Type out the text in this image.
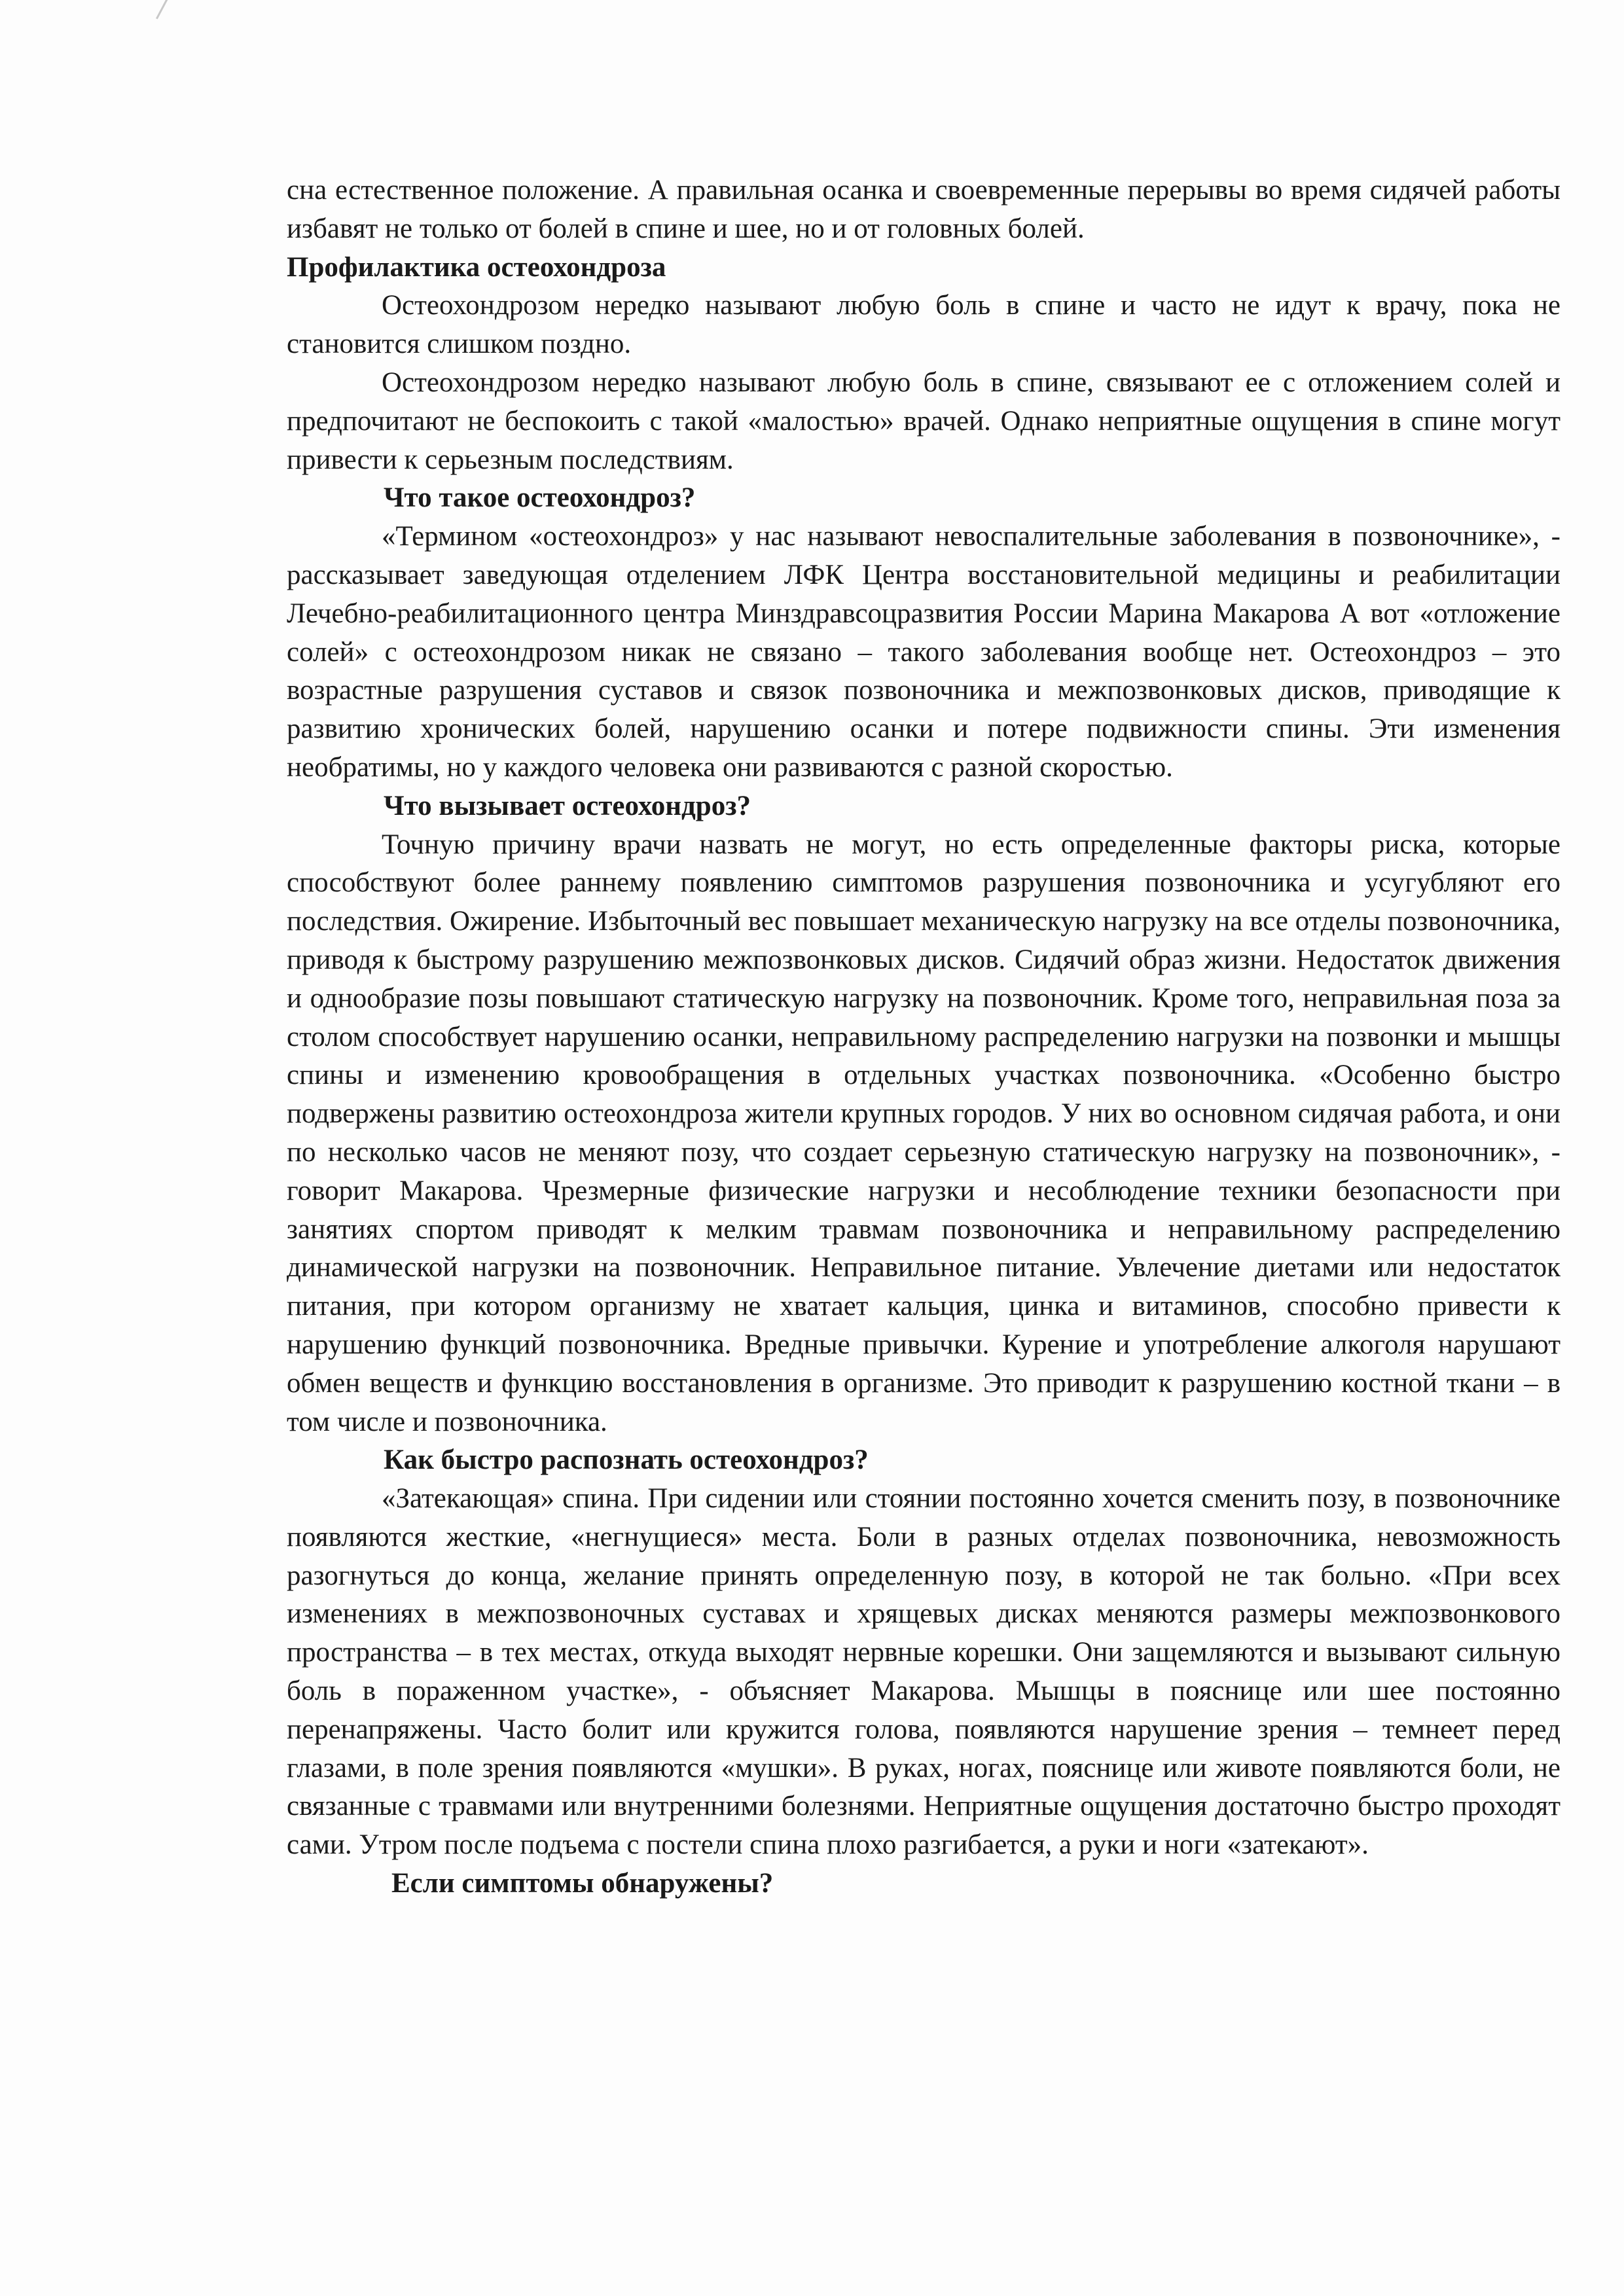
сна естественное положение. А правильная осанка и своевременные перерывы во время сидячей работы избавят не только от болей в спине и шее, но и от головных болей.

Профилактика остеохондроза

Остеохондрозом нередко называют любую боль в спине и часто не идут к врачу, пока не становится слишком поздно.

Остеохондрозом нередко называют любую боль в спине, связывают ее с отложением солей и предпочитают не беспокоить с такой «малостью» врачей. Однако неприятные ощущения в спине могут привести к серьезным последствиям.

Что такое остеохондроз?

«Термином «остеохондроз» у нас называют невоспалительные заболевания в позвоночнике», - рассказывает заведующая отделением ЛФК Центра восстановительной медицины и реабилитации Лечебно-реабилитационного центра Минздравсоцразвития России Марина Макарова А вот «отложение солей» с остеохондрозом никак не связано – такого заболевания вообще нет. Остеохондроз – это возрастные разрушения суставов и связок позвоночника и межпозвонковых дисков, приводящие к развитию хронических болей, нарушению осанки и потере подвижности спины. Эти изменения необратимы, но у каждого человека они развиваются с разной скоростью.

Что вызывает остеохондроз?

Точную причину врачи назвать не могут, но есть определенные факторы риска, которые способствуют более раннему появлению симптомов разрушения позвоночника и усугубляют его последствия. Ожирение. Избыточный вес повышает механическую нагрузку на все отделы позвоночника, приводя к быстрому разрушению межпозвонковых дисков. Сидячий образ жизни. Недостаток движения и однообразие позы повышают статическую нагрузку на позвоночник. Кроме того, неправильная поза за столом способствует нарушению осанки, неправильному распределению нагрузки на позвонки и мышцы спины и изменению кровообращения в отдельных участках позвоночника. «Особенно быстро подвержены развитию остеохондроза жители крупных городов. У них во основном сидячая работа, и они по несколько часов не меняют позу, что создает серьезную статическую нагрузку на позвоночник», - говорит Макарова. Чрезмерные физические нагрузки и несоблюдение техники безопасности при занятиях спортом приводят к мелким травмам позвоночника и неправильному распределению динамической нагрузки на позвоночник. Неправильное питание. Увлечение диетами или недостаток питания, при котором организму не хватает кальция, цинка и витаминов, способно привести к нарушению функций позвоночника. Вредные привычки. Курение и употребление алкоголя нарушают обмен веществ и функцию восстановления в организме. Это приводит к разрушению костной ткани – в том числе и позвоночника.

Как быстро распознать остеохондроз?

«Затекающая» спина. При сидении или стоянии постоянно хочется сменить позу, в позвоночнике появляются жесткие, «негнущиеся» места. Боли в разных отделах позвоночника, невозможность разогнуться до конца, желание принять определенную позу, в которой не так больно. «При всех изменениях в межпозвоночных суставах и хрящевых дисках меняются размеры межпозвонкового пространства – в тех местах, откуда выходят нервные корешки. Они защемляются и вызывают сильную боль в пораженном участке», - объясняет Макарова. Мышцы в пояснице или шее постоянно перенапряжены. Часто болит или кружится голова, появляются нарушение зрения – темнеет перед глазами, в поле зрения появляются «мушки». В руках, ногах, пояснице или животе появляются боли, не связанные с травмами или внутренними болезнями. Неприятные ощущения достаточно быстро проходят сами. Утром после подъема с постели спина плохо разгибается, а руки и ноги «затекают».

Если симптомы обнаружены?
